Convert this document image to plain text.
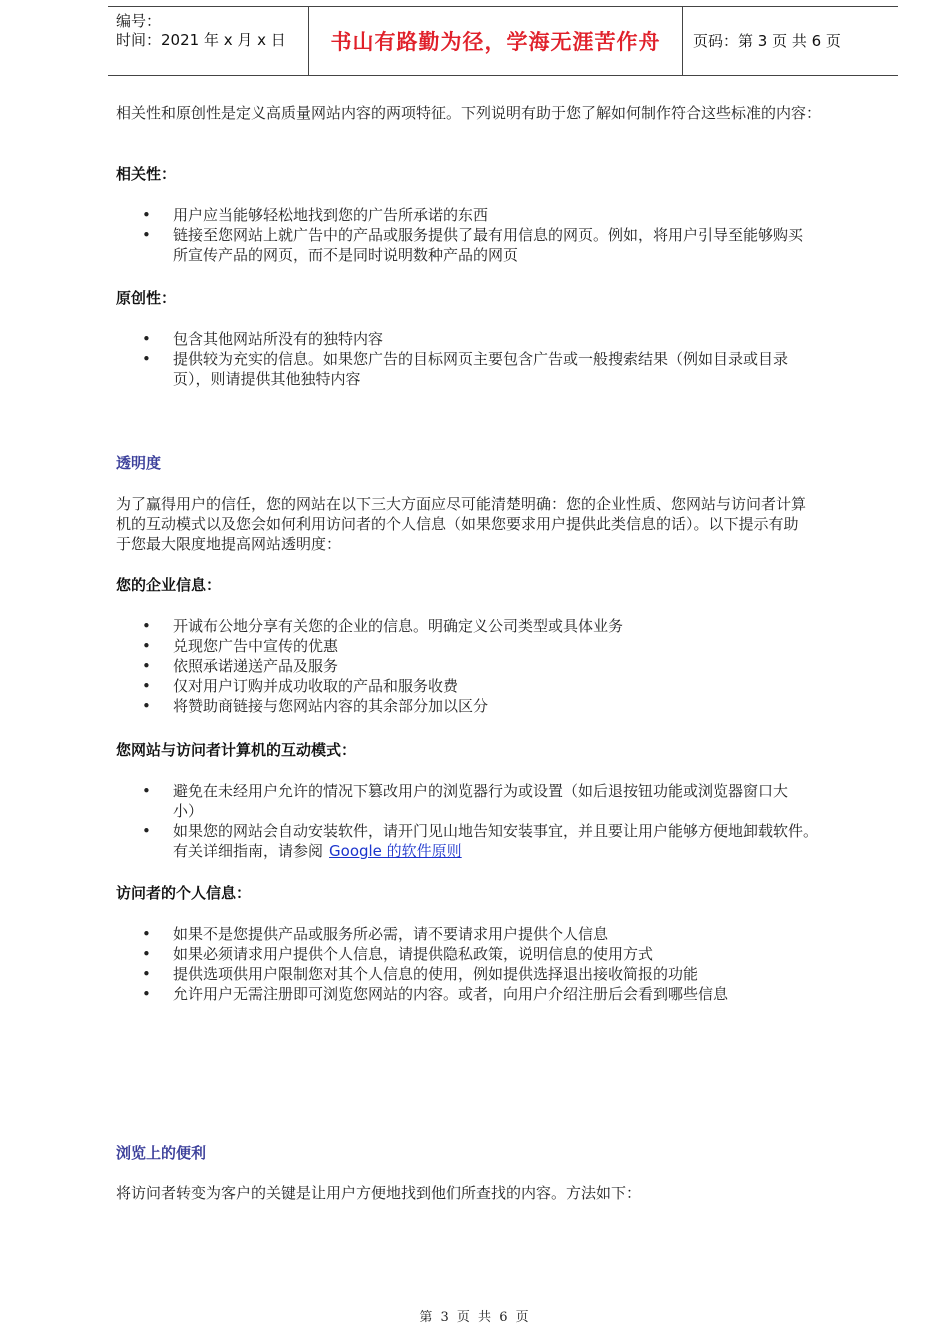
编号：
时间：2021 年 x 月 x 日 书山有路勤为径，学海无涯苦作舟 页码：第 3 页 共 6 页
相关性和原创性是定义高质量网站内容的两项特征。下列说明有助于您了解如何制作符合这些标准的内容：
相关性：
• 用户应当能够轻松地找到您的广告所承诺的东西
• 链接至您网站上就广告中的产品或服务提供了最有用信息的网页。例如，将用户引导至能够购买
所宣传产品的网页，而不是同时说明数种产品的网页
原创性：
• 包含其他网站所没有的独特内容
• 提供较为充实的信息。如果您广告的目标网页主要包含广告或一般搜索结果（例如目录或目录
页），则请提供其他独特内容
透明度
为了赢得用户的信任，您的网站在以下三大方面应尽可能清楚明确：您的企业性质、您网站与访问者计算
机的互动模式以及您会如何利用访问者的个人信息（如果您要求用户提供此类信息的话）。以下提示有助
于您最大限度地提高网站透明度：
您的企业信息：
• 开诚布公地分享有关您的企业的信息。明确定义公司类型或具体业务
• 兑现您广告中宣传的优惠
• 依照承诺递送产品及服务
• 仅对用户订购并成功收取的产品和服务收费
• 将赞助商链接与您网站内容的其余部分加以区分
您网站与访问者计算机的互动模式：
• 避免在未经用户允许的情况下篡改用户的浏览器行为或设置（如后退按钮功能或浏览器窗口大
小）
• 如果您的网站会自动安装软件，请开门见山地告知安装事宜，并且要让用户能够方便地卸载软件。
有关详细指南，请参阅 Google 的软件原则
访问者的个人信息：
• 如果不是您提供产品或服务所必需，请不要请求用户提供个人信息
• 如果必须请求用户提供个人信息，请提供隐私政策，说明信息的使用方式
• 提供选项供用户限制您对其个人信息的使用，例如提供选择退出接收简报的功能
• 允许用户无需注册即可浏览您网站的内容。或者，向用户介绍注册后会看到哪些信息
浏览上的便利
将访问者转变为客户的关键是让用户方便地找到他们所查找的内容。方法如下：
第 3 页 共 6 页
